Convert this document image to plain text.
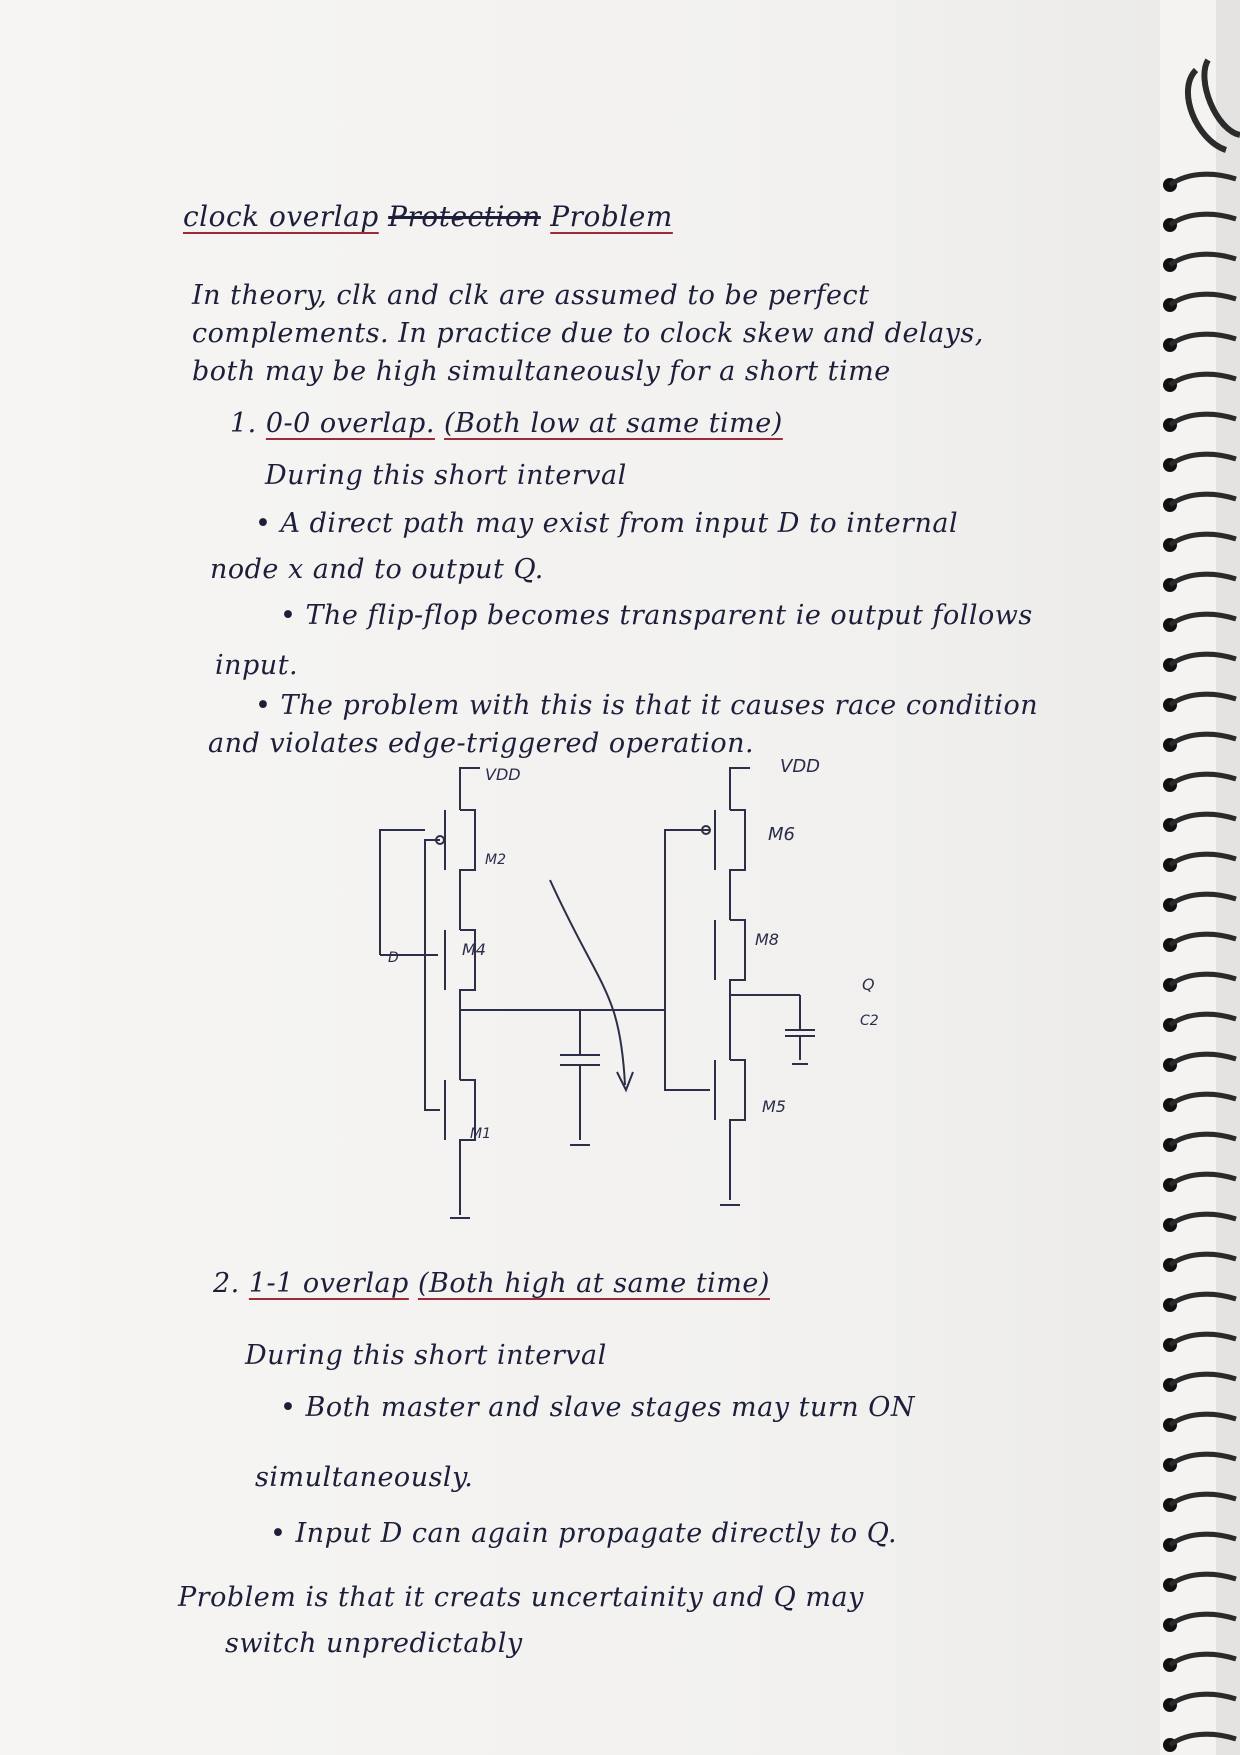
clock overlap Protection Problem
In theory, clk and clk are assumed to be perfect
complements. In practice due to clock skew and delays,
both may be high simultaneously for a short time
1. 0-0 overlap. (Both low at same time)
During this short interval
• A direct path may exist from input D to internal
node x and to output Q.
• The flip-flop becomes transparent ie output follows
input.
• The problem with this is that it causes race condition
and violates edge-triggered operation.
VDD	VDD
M6
M2
M4
M8
M1
M5
D
Q
C2
2. 1-1 overlap (Both high at same time)
During this short interval
• Both master and slave stages may turn ON
simultaneously.
• Input D can again propagate directly to Q.
Problem is that it creats uncertainity and Q may
switch unpredictably
